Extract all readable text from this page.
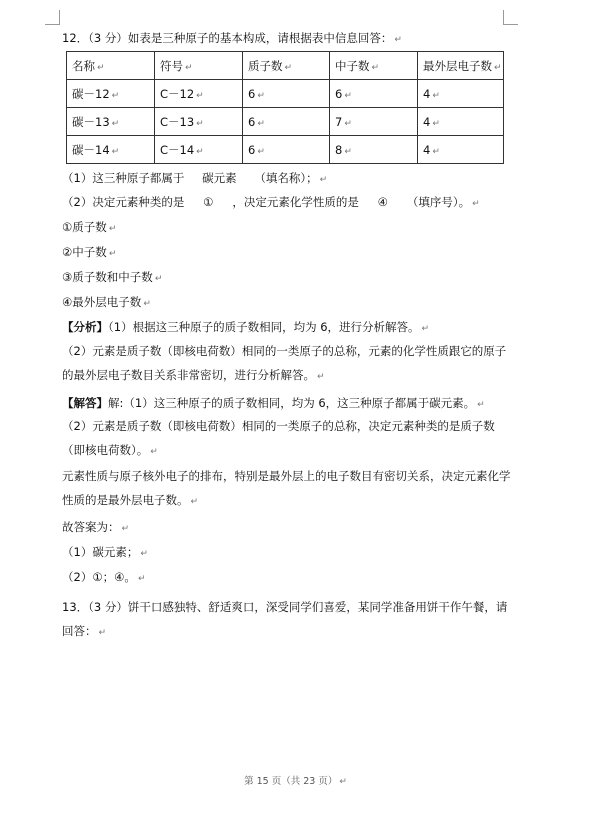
12．（3 分）如表是三种原子的基本构成，请根据表中信息回答： ↵
名称 ↵	符号 ↵	质子数 ↵	中子数 ↵	最外层电子数 ↵
碳－12 ↵	C－12 ↵	6 ↵	6 ↵	4 ↵
碳－13 ↵	C－13 ↵	6 ↵	7 ↵	4 ↵
碳－14 ↵	C－14 ↵	6 ↵	8 ↵	4 ↵
（1）这三种原子都属于 碳元素 （填名称）； ↵
（2）决定元素种类的是 ① ，决定元素化学性质的是 ④ （填序号）。 ↵
①质子数 ↵
②中子数 ↵
③质子数和中子数 ↵
④最外层电子数 ↵
【分析】（1）根据这三种原子的质子数相同，均为 6，进行分析解答。 ↵
（2）元素是质子数（即核电荷数）相同的一类原子的总称，元素的化学性质跟它的原子的最外层电子数目关系非常密切，进行分析解答。 ↵
【解答】解:（1）这三种原子的质子数相同，均为 6，这三种原子都属于碳元素。 ↵
（2）元素是质子数（即核电荷数）相同的一类原子的总称，决定元素种类的是质子数（即核电荷数）。 ↵
元素性质与原子核外电子的排布，特别是最外层上的电子数目有密切关系，决定元素化学性质的是最外层电子数。 ↵
故答案为： ↵
（1）碳元素； ↵
（2）①；④。 ↵
13．（3 分）饼干口感独特、舒适爽口，深受同学们喜爱，某同学准备用饼干作午餐，请回答： ↵
第 15 页（共 23 页） ↵
